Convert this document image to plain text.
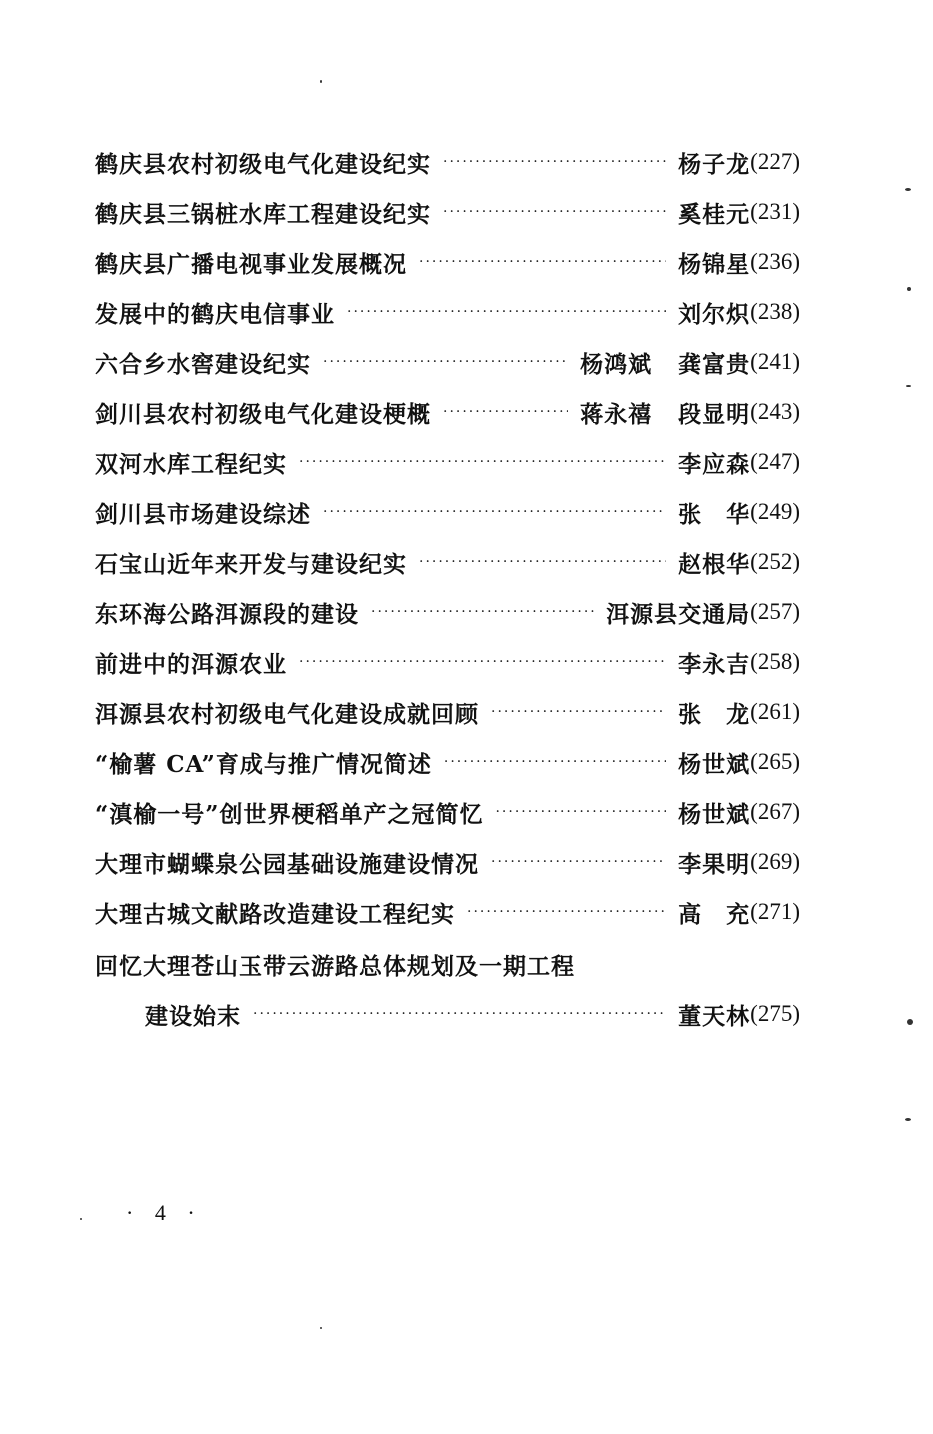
鹤庆县农村初级电气化建设纪实 ·····	杨子龙 (227)
鹤庆县三锅桩水库工程建设纪实 ·····	奚桂元 (231)
鹤庆县广播电视事业发展概况 ·····	杨锦星 (236)
发展中的鹤庆电信事业 ·····	刘尔炽 (238)
六合乡水窖建设纪实 ·····	杨鸿斌 龚富贵 (241)
剑川县农村初级电气化建设梗概 ·····	蒋永禧 段显明 (243)
双河水库工程纪实 ·····	李应森 (247)
剑川县市场建设综述 ·····	张　华 (249)
石宝山近年来开发与建设纪实 ·····	赵根华 (252)
东环海公路洱源段的建设 ·····	洱源县交通局 (257)
前进中的洱源农业 ·····	李永吉 (258)
洱源县农村初级电气化建设成就回顾 ·····	张　龙 (261)
“榆薯 CA”育成与推广情况简述 ·····	杨世斌 (265)
“滇榆一号”创世界梗稻单产之冠简忆 ·····	杨世斌 (267)
大理市蝴蝶泉公园基础设施建设情况 ·····	李果明 (269)
大理古城文献路改造建设工程纪实 ·····	高　充 (271)
回忆大理苍山玉带云游路总体规划及一期工程
建设始末 ·····	董天林 (275)
· 4 ·
